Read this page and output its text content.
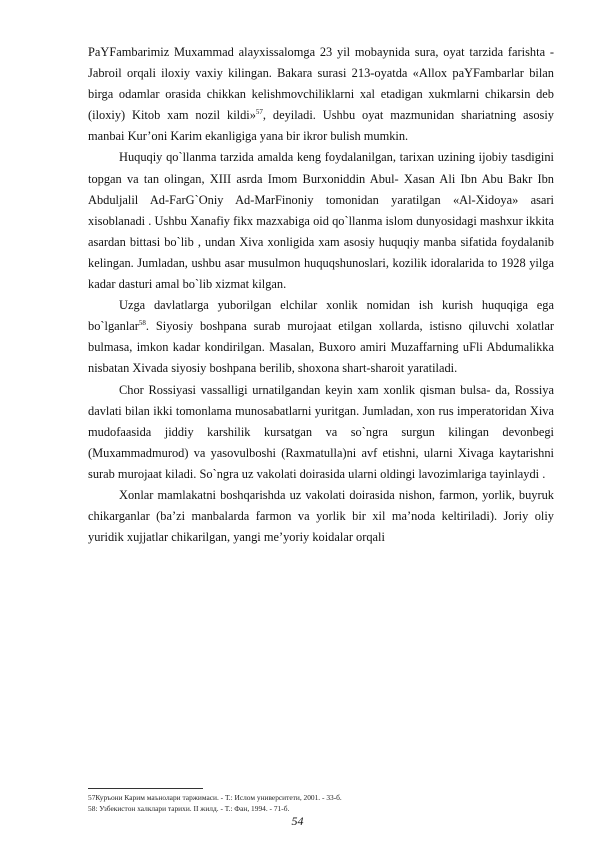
PaYFambarimiz Muxammad alayxissalomga 23 yil mobaynida sura, oyat tarzida farishta - Jabroil orqali iloxiy vaxiy kilingan. Bakara surasi 213-oyatda «Allox paYFambarlar bilan birga odamlar orasida chikkan kelishmovchiliklarni xal etadigan xukmlarni chikarsin deb (iloxiy) Kitob xam nozil kildi»$^{57}$, deyiladi. Ushbu oyat mazmunidan shariatning asosiy manbai Kur’oni Karim ekanligiga yana bir ikror bulish mumkin.

Huquqiy qo`llanma tarzida amalda keng foydalanilgan, tarixan uzining ijobiy tasdigini topgan va tan olingan, XIII asrda Imom Burxoniddin Abul- Xasan Ali Ibn Abu Bakr Ibn Abduljalil Ad-FarG`Oniy Ad-MarFinoniy tomonidan yaratilgan «Al-Xidoya» asari xisoblanadi . Ushbu Xanafiy fikx mazxabiga oid qo`llanma islom dunyosidagi mashxur ikkita asardan bittasi bo`lib , undan Xiva xonligida xam asosiy huquqiy manba sifatida foydalanib kelingan. Jumladan, ushbu asar musulmon huquqshunoslari, kozilik idoralarida to 1928 yilga kadar dasturi amal bo`lib xizmat kilgan.

Uzga davlatlarga yuborilgan elchilar xonlik nomidan ish kurish huquqiga ega bo`lganlar$^{58}$. Siyosiy boshpana surab murojaat etilgan xollarda, istisno qiluvchi xolatlar bulmasa, imkon kadar kondirilgan. Masalan, Buxoro amiri Muzaffarning uFli Abdumalikka nisbatan Xivada siyosiy boshpana berilib, shoxona shart-sharoit yaratiladi.

Chor Rossiyasi vassalligi urnatilgandan keyin xam xonlik qisman bulsa- da, Rossiya davlati bilan ikki tomonlama munosabatlarni yuritgan. Jumladan, xon rus imperatoridan Xiva mudofaasida jiddiy karshilik kursatgan va so`ngra surgun kilingan devonbegi (Muxammadmurod) va yasovulboshi (Raxmatulla)ni avf etishni, ularni Xivaga kaytarishni surab murojaat kiladi. So`ngra uz vakolati doirasida ularni oldingi lavozimlariga tayinlaydi .

Xonlar mamlakatni boshqarishda uz vakolati doirasida nishon, farmon, yorlik, buyruk chikarganlar (ba’zi manbalarda farmon va yorlik bir xil ma’noda keltiriladi). Joriy oliy yuridik xujjatlar chikarilgan, yangi me’yoriy koidalar orqali

57Куръони Карим маънолари таржимаси. - Т.: Ислом университети, 2001. - 33-б.

58: Узбекистон халклари тарихи. II жилд. - Т.: Фан, 1994. - 71-б.

54
